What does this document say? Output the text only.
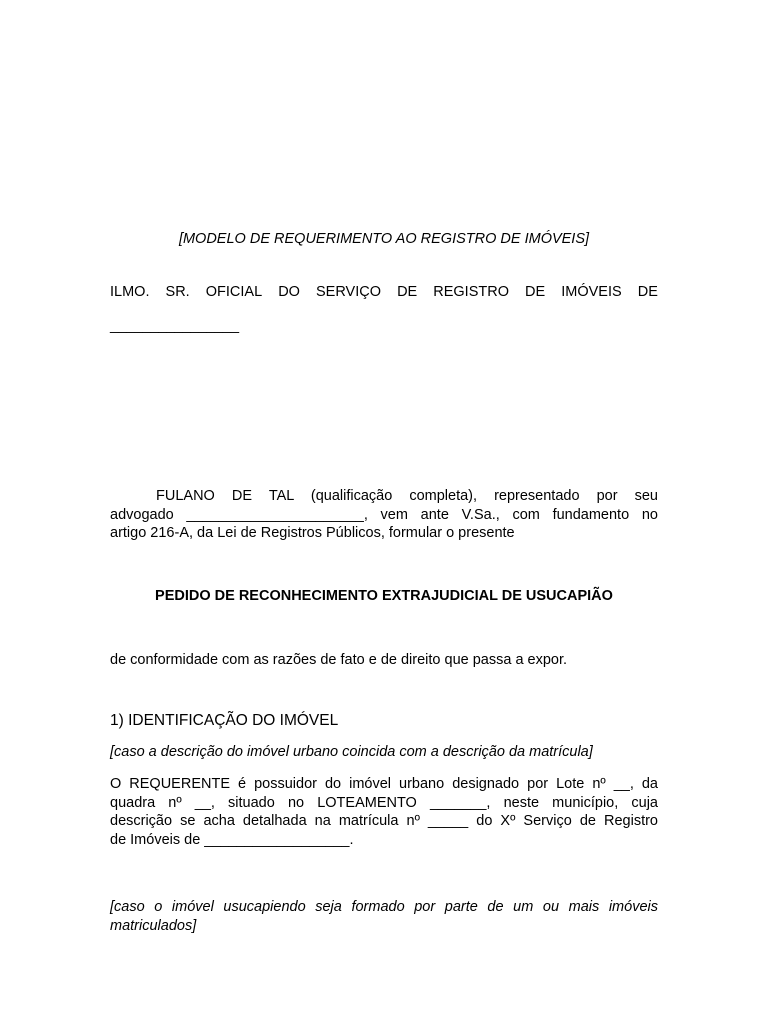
[MODELO DE REQUERIMENTO AO REGISTRO DE IMÓVEIS]
ILMO. SR. OFICIAL DO SERVIÇO DE REGISTRO DE IMÓVEIS DE
________________
FULANO DE TAL (qualificação completa), representado por seu
advogado ______________________, vem ante V.Sa., com fundamento no
artigo 216-A, da Lei de Registros Públicos, formular o presente
PEDIDO DE RECONHECIMENTO EXTRAJUDICIAL DE USUCAPIÃO
de conformidade com as razões de fato e de direito que passa a expor.
1) IDENTIFICAÇÃO DO IMÓVEL
[caso a descrição do imóvel urbano coincida com a descrição da matrícula]
O REQUERENTE é possuidor do imóvel urbano designado por Lote nº __, da
quadra nº __, situado no LOTEAMENTO _______, neste município, cuja
descrição se acha detalhada na matrícula nº _____ do Xº Serviço de Registro
de Imóveis de __________________.
[caso o imóvel usucapiendo seja formado por parte de um ou mais imóveis
matriculados]
